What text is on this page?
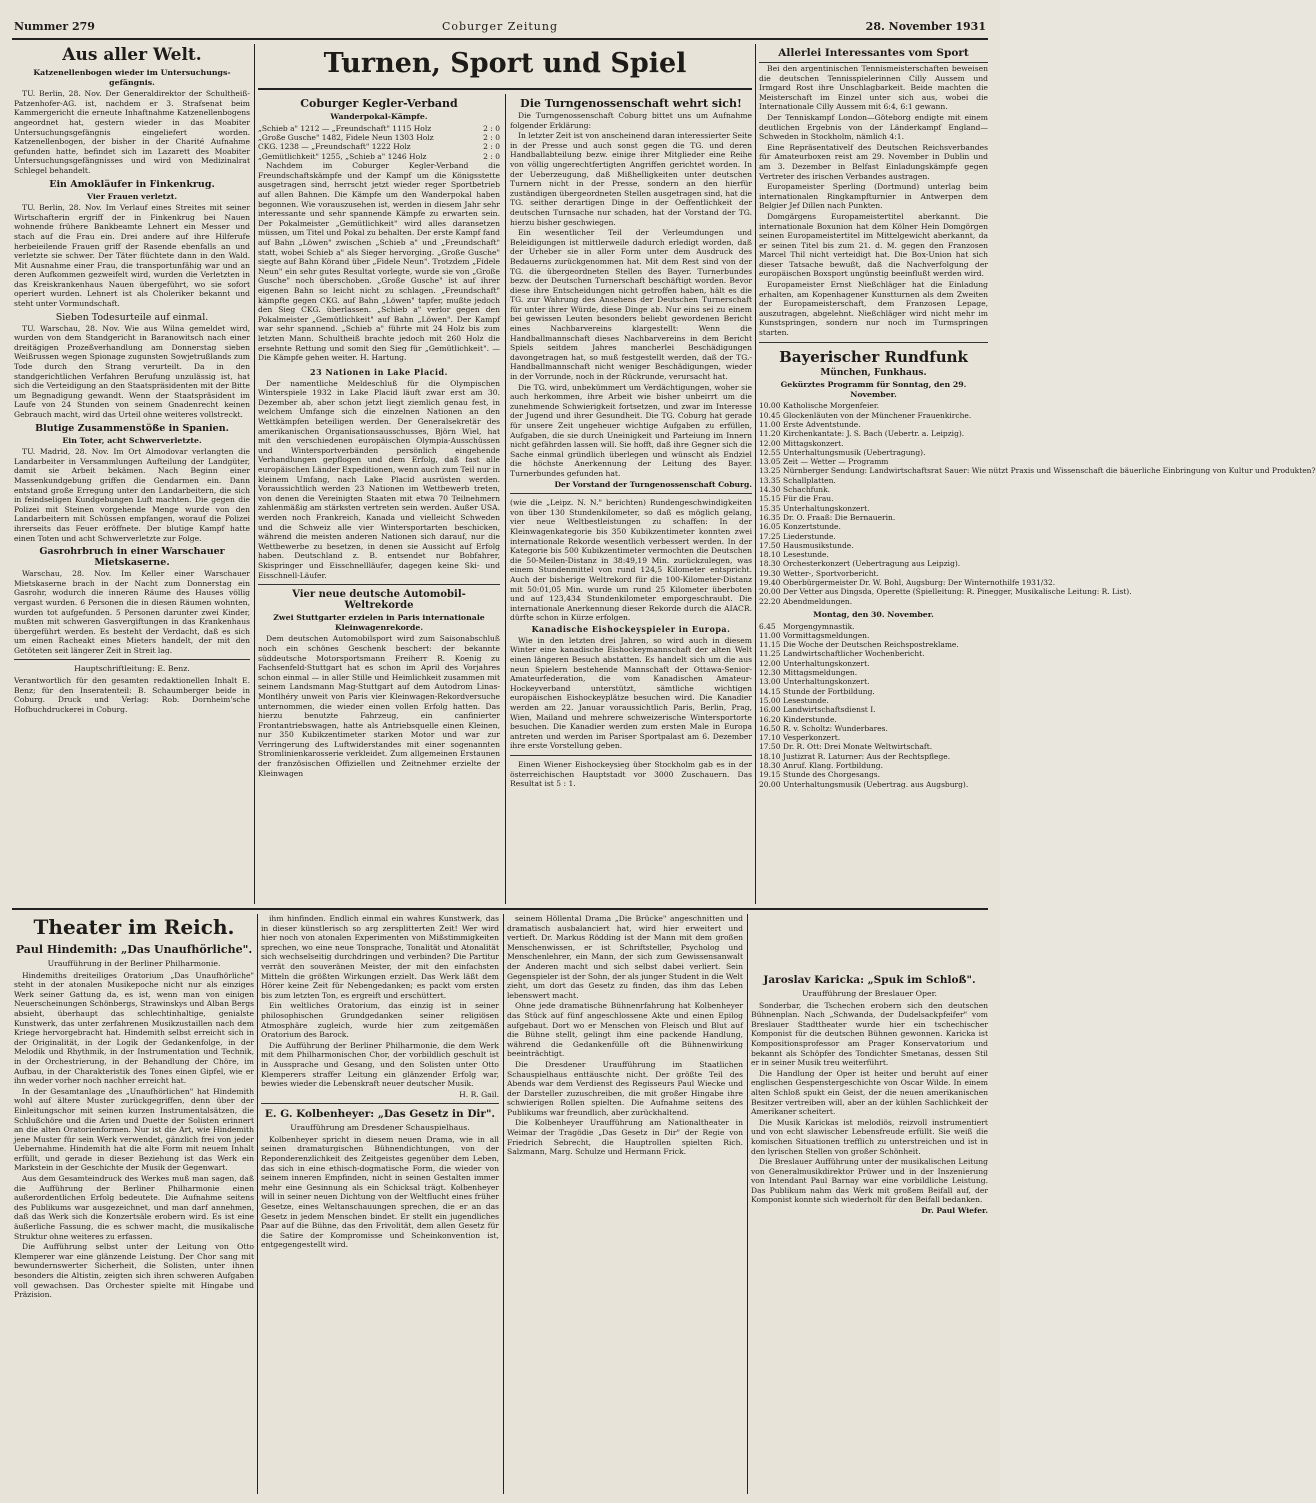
Nummer 279	Coburger Zeitung	28. November 1931
Aus aller Welt.
Katzenellenbogen wieder im Untersuchungs-gefängnis.

TU. Berlin, 28. Nov. Der Generaldirektor der Schultheiß-Patzenhofer-AG. ist, nachdem er 3. Strafsenat beim Kammergericht die erneute Inhaftnahme Katzenellenbogens angeordnet hat, gestern wieder in das Moabiter Untersuchungsgefängnis eingeliefert worden. Katzenellenbogen, der bisher in der Charité Aufnahme gefunden hatte, befindet sich im Lazarett des Moabiter Untersuchungsgefängnisses und wird von Medizinalrat Schlegel behandelt.

Ein Amokläufer in Finkenkrug.
Vier Frauen verletzt.

TU. Berlin, 28. Nov. Im Verlauf eines Streites mit seiner Wirtschafterin ergriff der in Finkenkrug bei Nauen wohnende frühere Bankbeamte Lehnert ein Messer und stach auf die Frau ein. Drei andere auf ihre Hilferufe herbeieilende Frauen griff der Rasende ebenfalls an und verletzte sie schwer. Der Täter flüchtete dann in den Wald. Mit Ausnahme einer Frau, die transportunfähig war und an deren Aufkommen gezweifelt wird, wurden die Verletzten in das Kreiskrankenhaus Nauen übergeführt, wo sie sofort operiert wurden. Lehnert ist als Choleriker bekannt und steht unter Vormundschaft.

Sieben Todesurteile auf einmal.

TU. Warschau, 28. Nov. Wie aus Wilna gemeldet wird, wurden von dem Standgericht in Baranowitsch nach einer dreitägigen Prozeßverhandlung am Donnerstag sieben Weißrussen wegen Spionage zugunsten Sowjetrußlands zum Tode durch den Strang verurteilt. Da in den standgerichtlichen Verfahren Berufung unzulässig ist, hat sich die Verteidigung an den Staatspräsidenten mit der Bitte um Begnadigung gewandt. Wenn der Staatspräsident im Laufe von 24 Stunden von seinem Gnadenrecht keinen Gebrauch macht, wird das Urteil ohne weiteres vollstreckt.

Blutige Zusammenstöße in Spanien.
Ein Toter, acht Schwerverletzte.

TU. Madrid, 28. Nov. Im Ort Almodovar verlangten die Landarbeiter in Versammlungen Aufteilung der Landgüter, damit sie Arbeit bekämen. Nach Beginn einer Massenkundgebung griffen die Gendarmen ein. Dann entstand große Erregung unter den Landarbeitern, die sich in feindseligen Kundgebungen Luft machten. Die gegen die Polizei mit Steinen vorgehende Menge wurde von den Landarbeitern mit Schüssen empfangen, worauf die Polizei ihrerseits das Feuer eröffnete. Der blutige Kampf hatte einen Toten und acht Schwerverletzte zur Folge.

Gasrohrbruch in einer Warschauer Mietskaserne.

Warschau, 28. Nov. Im Keller einer Warschauer Mietskaserne brach in der Nacht zum Donnerstag ein Gasrohr, wodurch die inneren Räume des Hauses völlig vergast wurden. 6 Personen die in diesen Räumen wohnten, wurden tot aufgefunden. 5 Personen darunter zwei Kinder, mußten mit schweren Gasvergiftungen in das Krankenhaus übergeführt werden. Es besteht der Verdacht, daß es sich um einen Racheakt eines Mieters handelt, der mit den Getöteten seit längerer Zeit in Streit lag.

Hauptschriftleitung: E. Benz.

Verantwortlich für den gesamten redaktionellen Inhalt E. Benz; für den Inseratenteil: B. Schaumberger beide in Coburg. Druck und Verlag: Rob. Dornheim'sche Hofbuchdruckerei in Coburg.

Turnen, Sport und Spiel
Coburger Kegler-Verband
Wanderpokal-Kämpfe.
„Schieb a" 1212 — „Freundschaft" 1115 Holz	2 : 0
„Große Gusche" 1482, Fidele Neun 1303 Holz	2 : 0
CKG. 1238 — „Freundschaft" 1222 Holz	2 : 0
„Gemütlichkeit" 1255, „Schieb a" 1246 Holz	2 : 0

Nachdem im Coburger Kegler-Verband die Freundschaftskämpfe und der Kampf um die Königsstette ausgetragen sind, herrscht jetzt wieder reger Sportbetrieb auf allen Bahnen. Die Kämpfe um den Wanderpokal haben begonnen. Wie vorauszusehen ist, werden in diesem Jahr sehr interessante und sehr spannende Kämpfe zu erwarten sein. Der Pokalmeister „Gemütlichkeit" wird alles daransetzen müssen, um Titel und Pokal zu behalten. Der erste Kampf fand auf Bahn „Löwen" zwischen „Schieb a" und „Freundschaft" statt, wobei Schieb a" als Sieger hervorging. „Große Gusche" siegte auf Bahn Körand über „Fidele Neun". Trotzdem „Fidele Neun" ein sehr gutes Resultat vorlegte, wurde sie von „Große Gusche" noch überschoben. „Große Gusche" ist auf ihrer eigenen Bahn so leicht nicht zu schlagen. „Freundschaft" kämpfte gegen CKG. auf Bahn „Löwen" tapfer, mußte jedoch den Sieg CKG. überlassen. „Schieb a" verlor gegen den Pokalmeister „Gemütlichkeit" auf Bahn „Löwen". Der Kampf war sehr spannend. „Schieb a" führte mit 24 Holz bis zum letzten Mann. Schultheiß brachte jedoch mit 260 Holz die ersehnte Rettung und somit den Sieg für „Gemütlichkeit". — Die Kämpfe gehen weiter. H. Hartung.

23 Nationen in Lake Placid.

Der namentliche Meldeschluß für die Olympischen Winterspiele 1932 in Lake Placid läuft zwar erst am 30. Dezember ab, aber schon jetzt liegt ziemlich genau fest, in welchem Umfange sich die einzelnen Nationen an den Wettkämpfen beteiligen werden. Der Generalsekretär des amerikanischen Organisationsausschusses, Björn Wiel, hat mit den verschiedenen europäischen Olympia-Ausschüssen und Wintersportverbänden persönlich eingehende Verhandlungen gepflogen und dem Erfolg, daß fast alle europäischen Länder Expeditionen, wenn auch zum Teil nur in kleinem Umfang, nach Lake Placid ausrüsten werden. Voraussichtlich werden 23 Nationen im Wettbewerb treten, von denen die Vereinigten Staaten mit etwa 70 Teilnehmern zahlenmäßig am stärksten vertreten sein werden. Außer USA. werden noch Frankreich, Kanada und vielleicht Schweden und die Schweiz alle vier Wintersportarten beschicken, während die meisten anderen Nationen sich darauf, nur die Wettbewerbe zu besetzen, in denen sie Aussicht auf Erfolg haben. Deutschland z. B. entsendet nur Bobfahrer, Skispringer und Eisschnellläufer, dagegen keine Ski- und Eisschnell-Läufer.

Vier neue deutsche Automobil-Weltrekorde
Zwei Stuttgarter erzielen in Paris internationale Kleinwagenrekorde.

Dem deutschen Automobilsport wird zum Saisonabschluß noch ein schönes Geschenk beschert: der bekannte süddeutsche Motorsportsmann Freiherr R. Koenig zu Fachsenfeld-Stuttgart hat es schon im April des Vorjahres schon einmal — in aller Stille und Heimlichkeit zusammen mit seinem Landsmann Mag-Stuttgart auf dem Autodrom Linas-Montlhéry unweit von Paris vier Kleinwagen-Rekordversuche unternommen, die wieder einen vollen Erfolg hatten. Das hierzu benutzte Fahrzeug, ein canfinierter Frontantriebswagen, hatte als Antriebsquelle einen Kleinen, nur 350 Kubikzentimeter starken Motor und war zur Verringerung des Luftwiderstandes mit einer sogenannten Stromlinienkarosserie verkleidet. Zum allgemeinen Erstaunen der französischen Offiziellen und Zeitnehmer erzielte der Kleinwagen

Die Turngenossenschaft wehrt sich!

Die Turngenossenschaft Coburg bittet uns um Aufnahme folgender Erklärung:

In letzter Zeit ist von anscheinend daran interessierter Seite in der Presse und auch sonst gegen die TG. und deren Handballabteilung bezw. einige ihrer Mitglieder eine Reihe von völlig ungerechtfertigten Angriffen gerichtet worden. In der Ueberzeugung, daß Mißhelligkeiten unter deutschen Turnern nicht in der Presse, sondern an den hierfür zuständigen übergeordneten Stellen ausgetragen sind, hat die TG. seither derartigen Dinge in der Oeffentlichkeit der deutschen Turnsache nur schaden, hat der Vorstand der TG. hierzu bisher geschwiegen.

Ein wesentlicher Teil der Verleumdungen und Beleidigungen ist mittlerweile dadurch erledigt worden, daß der Urheber sie in aller Form unter dem Ausdruck des Bedauerns zurückgenommen hat. Mit dem Rest sind von der TG. die übergeordneten Stellen des Bayer. Turnerbundes bezw. der Deutschen Turnerschaft beschäftigt worden. Bevor diese ihre Entscheidungen nicht getroffen haben, hält es die TG. zur Wahrung des Ansehens der Deutschen Turnerschaft für unter ihrer Würde, diese Dinge ab. Nur eins sei zu einem bei gewissen Leuten besonders beliebt gewordenen Bericht eines Nachbarvereins klargestellt: Wenn die Handballmannschaft dieses Nachbarvereins in dem Bericht Spiels seitdem Jahres mancherlei Beschädigungen davongetragen hat, so muß festgestellt werden, daß der TG.-Handballmannschaft nicht weniger Beschädigungen, wieder in der Vorrunde, noch in der Rückrunde, verursacht hat.

Die TG. wird, unbekümmert um Verdächtigungen, woher sie auch herkommen, ihre Arbeit wie bisher unbeirrt um die zunehmende Schwierigkeit fortsetzen, und zwar im Interesse der Jugend und ihrer Gesundheit. Die TG. Coburg hat gerade für unsere Zeit ungeheuer wichtige Aufgaben zu erfüllen, Aufgaben, die sie durch Uneinigkeit und Parteiung im Innern nicht gefährden lassen will. Sie hofft, daß ihre Gegner sich die Sache einmal gründlich überlegen und wünscht als Endziel die höchste Anerkennung der Leitung des Bayer. Turnerbundes gefunden hat.

Der Vorstand der Turngenossenschaft Coburg.

(wie die „Leipz. N. N." berichten) Rundengeschwindigkeiten von über 130 Stundenkilometer, so daß es möglich gelang, vier neue Weltbestleistungen zu schaffen: In der Kleinwagenkategorie bis 350 Kubikzentimeter konnten zwei internationale Rekorde wesentlich verbessert werden. In der Kategorie bis 500 Kubikzentimeter vermochten die Deutschen die 50-Meilen-Distanz in 38:49,19 Min. zurückzulegen, was einem Stundenmittel von rund 124,5 Kilometer entspricht. Auch der bisherige Weltrekord für die 100-Kilometer-Distanz mit 50:01,05 Min. wurde um rund 25 Kilometer überboten und auf 123,434 Stundenkilometer emporgeschraubt. Die internationale Anerkennung dieser Rekorde durch die AIACR. dürfte schon in Kürze erfolgen.

Kanadische Eishockeyspieler in Europa.

Wie in den letzten drei Jahren, so wird auch in diesem Winter eine kanadische Eishockeymannschaft der alten Welt einen längeren Besuch abstatten. Es handelt sich um die aus neun Spielern bestehende Mannschaft der Ottawa-Senior-Amateurfederation, die vom Kanadischen Amateur-Hockeyverband unterstützt, sämtliche wichtigen europäischen Eishockeyplätze besuchen wird. Die Kanadier werden am 22. Januar voraussichtlich Paris, Berlin, Prag, Wien, Mailand und mehrere schweizerische Wintersportorte besuchen. Die Kanadier werden zum ersten Male in Europa antreten und werden im Pariser Sportpalast am 6. Dezember ihre erste Vorstellung geben.

Einen Wiener Eishockeysieg über Stockholm gab es in der österreichischen Hauptstadt vor 3000 Zuschauern. Das Resultat ist 5 : 1.

Allerlei Interessantes vom Sport

Bei den argentinischen Tennismeisterschaften beweisen die deutschen Tennisspielerinnen Cilly Aussem und Irmgard Rost ihre Unschlagbarkeit. Beide machten die Meisterschaft im Einzel unter sich aus, wobei die Internationale Cilly Aussem mit 6:4, 6:1 gewann.

Der Tenniskampf London—Göteborg endigte mit einem deutlichen Ergebnis von der Länderkampf England—Schweden in Stockholm, nämlich 4:1.

Eine Repräsentativelf des Deutschen Reichsverbandes für Amateurboxen reist am 29. November in Dublin und am 3. Dezember in Belfast Einladungskämpfe gegen Vertreter des irischen Verbandes austragen.

Europameister Sperling (Dortmund) unterlag beim internationalen Ringkampfturnier in Antwerpen dem Belgier Jef Dillen nach Punkten.

Domgärgens Europameistertitel aberkannt. Die internationale Boxunion hat dem Kölner Hein Domgörgen seinen Europameistertitel im Mittelgewicht aberkannt, da er seinen Titel bis zum 21. d. M. gegen den Franzosen Marcel Thil nicht verteidigt hat. Die Box-Union hat sich dieser Tatsache bewußt, daß die Nachverfolgung der europäischen Boxsport ungünstig beeinflußt werden wird.

Europameister Ernst Nießchläger hat die Einladung erhalten, am Kopenhagener Kunstturnen als dem Zweiten der Europameisterschaft, dem Franzosen Lepage, auszutragen, abgelehnt. Nießchläger wird nicht mehr im Kunstspringen, sondern nur noch im Turmspringen starten.

Bayerischer Rundfunk
München, Funkhaus.
Gekürztes Programm für Sonntag, den 29. November.
10.00 Katholische Morgenfeier.
10.45 Glockenläuten von der Münchener Frauenkirche.
11.00 Erste Adventstunde.
11.20 Kirchenkantate: J. S. Bach (Uebertr. a. Leipzig).
12.00 Mittagskonzert.
12.55 Unterhaltungsmusik (Uebertragung).
13.05 Zeit — Wetter — Programm
13.25 Nürnberger Sendung: Landwirtschaftsrat Sauer: Wie nützt Praxis und Wissenschaft die bäuerliche Einbringung von Kultur und Produkten?
13.35 Schallplatten.
14.30 Schachfunk.
15.15 Für die Frau.
15.35 Unterhaltungskonzert.
16.35 Dr. O. Fraaß: Die Bernauerin.
16.05 Konzertstunde.
17.25 Liederstunde.
17.50 Hausmusikstunde.
18.10 Lesestunde.
18.30 Orchesterkonzert (Uebertragung aus Leipzig).
19.30 Wetter-, Sportvorbericht.
19.40 Oberbürgermeister Dr. W. Bohl, Augsburg: Der Winternothilfe 1931/32.
20.00 Der Vetter aus Dingsda, Operette (Spielleitung: R. Pinegger, Musikalische Leitung: R. List).
22.20 Abendmeldungen.
Montag, den 30. November.
6.45 Morgengymnastik.
11.00 Vormittagsmeldungen.
11.15 Die Woche der Deutschen Reichspostreklame.
11.25 Landwirtschaftlicher Wochenbericht.
12.00 Unterhaltungskonzert.
12.30 Mittagsmeldungen.
13.00 Unterhaltungskonzert.
14.15 Stunde der Fortbildung.
15.00 Lesestunde.
16.00 Landwirtschaftsdienst I.
16.20 Kinderstunde.
16.50 R. v. Scholtz: Wunderbares.
17.10 Vesperkonzert.
17.50 Dr. R. Ott: Drei Monate Weltwirtschaft.
18.10 Justizrat R. Laturner: Aus der Rechtspflege.
18.30 Anruf. Klang. Fortbildung.
19.15 Stunde des Chorgesangs.
20.00 Unterhaltungsmusik (Uebertrag. aus Augsburg).
Theater im Reich.
Paul Hindemith: „Das Unaufhörliche".
Uraufführung in der Berliner Philharmonie.

Hindemiths dreiteiliges Oratorium „Das Unaufhörliche" steht in der atonalen Musikepoche nicht nur als einziges Werk seiner Gattung da, es ist, wenn man von einigen Neuerscheinungen Schönbergs, Strawinskys und Alban Bergs absieht, überhaupt das schlechtinhaltige, genialste Kunstwerk, das unter zerfahrenen Musikzustaillen nach dem Kriege hervorgebracht hat. Hindemith selbst erreicht sich in der Originalität, in der Logik der Gedankenfolge, in der Melodik und Rhythmik, in der Instrumentation und Technik, in der Orchestrierung, in der Behandlung der Chöre, im Aufbau, in der Charakteristik des Tones einen Gipfel, wie er ihn weder vorher noch nachher erreicht hat.

In der Gesamtanlage des „Unaufhörlichen" hat Hindemith wohl auf ältere Muster zurückgegriffen, denn über der Einleitungschor mit seinen kurzen Instrumentalsätzen, die Schlußchöre und die Arien und Duette der Solisten erinnert an die alten Oratorienformen. Nur ist die Art, wie Hindemith jene Muster für sein Werk verwendet, gänzlich frei von jeder Uebernahme. Hindemith hat die alte Form mit neuem Inhalt erfüllt, und gerade in dieser Beziehung ist das Werk ein Markstein in der Geschichte der Musik der Gegenwart.

Aus dem Gesamteindruck des Werkes muß man sagen, daß die Aufführung der Berliner Philharmonie einen außerordentlichen Erfolg bedeutete. Die Aufnahme seitens des Publikums war ausgezeichnet, und man darf annehmen, daß das Werk sich die Konzertsäle erobern wird. Es ist eine äußerliche Fassung, die es schwer macht, die musikalische Struktur ohne weiteres zu erfassen.

Die Aufführung selbst unter der Leitung von Otto Klemperer war eine glänzende Leistung. Der Chor sang mit bewundernswerter Sicherheit, die Solisten, unter ihnen besonders die Altistin, zeigten sich ihren schweren Aufgaben voll gewachsen. Das Orchester spielte mit Hingabe und Präzision.

ihm hinfinden. Endlich einmal ein wahres Kunstwerk, das in dieser künstlerisch so arg zersplitterten Zeit! Wer wird hier noch von atonalen Experimenten von Mißstimmigkeiten sprechen, wo eine neue Tonsprache, Tonalität und Atonalität sich wechselseitig durchdringen und verbinden? Die Partitur verrät den souveränen Meister, der mit den einfachsten Mitteln die größten Wirkungen erzielt. Das Werk läßt dem Hörer keine Zeit für Nebengedanken; es packt vom ersten bis zum letzten Ton, es ergreift und erschüttert.

Ein weltliches Oratorium, das einzig ist in seiner philosophischen Grundgedanken seiner religiösen Atmosphäre zugleich, wurde hier zum zeitgemäßen Oratorium des Barock.

Die Aufführung der Berliner Philharmonie, die dem Werk mit dem Philharmonischen Chor, der vorbildlich geschult ist in Aussprache und Gesang, und den Solisten unter Otto Klemperers straffer Leitung ein glänzender Erfolg war, bewies wieder die Lebenskraft neuer deutscher Musik.

H. R. Gail.
E. G. Kolbenheyer: „Das Gesetz in Dir".
Uraufführung am Dresdener Schauspielhaus.

Kolbenheyer spricht in diesem neuen Drama, wie in all seinen dramaturgischen Bühnendichtungen, von der Reponderenzlichkeit des Zeitgeistes gegenüber dem Leben, das sich in eine ethisch-dogmatische Form, die wieder von seinem inneren Empfinden, nicht in seinen Gestalten immer mehr eine Gesinnung als ein Schicksal trägt. Kolbenheyer will in seiner neuen Dichtung von der Weltflucht eines früher Gesetze, eines Weltanschauungen sprechen, die er an das Gesetz in jedem Menschen bindet. Er stellt ein jugendliches Paar auf die Bühne, das den Frivolität, dem allen Gesetz für die Satire der Kompromisse und Scheinkonvention ist, entgegengestellt wird.

seinem Höllental Drama „Die Brücke" angeschnitten und dramatisch ausbalanciert hat, wird hier erweitert und vertieft. Dr. Markus Rödding ist der Mann mit dem großen Menschenwissen, er ist Schriftsteller, Psycholog und Menschenlehrer, ein Mann, der sich zum Gewissensanwalt der Anderen macht und sich selbst dabei verliert. Sein Gegenspieler ist der Sohn, der als junger Student in die Welt zieht, um dort das Gesetz zu finden, das ihm das Leben lebenswert macht.

Ohne jede dramatische Bühnenrfahrung hat Kolbenheyer das Stück auf fünf angeschlossene Akte und einen Epilog aufgebaut. Dort wo er Menschen von Fleisch und Blut auf die Bühne stellt, gelingt ihm eine packende Handlung, während die Gedankenfülle oft die Bühnenwirkung beeinträchtigt.

Die Dresdener Uraufführung im Staatlichen Schauspielhaus enttäuschte nicht. Der größte Teil des Abends war dem Verdienst des Regisseurs Paul Wiecke und der Darsteller zuzuschreiben, die mit großer Hingabe ihre schwierigen Rollen spielten. Die Aufnahme seitens des Publikums war freundlich, aber zurückhaltend.

Die Kolbenheyer Uraufführung am Nationaltheater in Weimar der Tragödie „Das Gesetz in Dir" der Regie von Friedrich Sebrecht, die Hauptrollen spielten Rich. Salzmann, Marg. Schulze und Hermann Frick.

Jaroslav Karicka: „Spuk im Schloß".
Uraufführung der Breslauer Oper.

Sonderbar, die Tschechen erobern sich den deutschen Bühnenplan. Nach „Schwanda, der Dudelsackpfeifer" vom Breslauer Stadttheater wurde hier ein tschechischer Komponist für die deutschen Bühnen gewonnen. Karicka ist Kompositionsprofessor am Prager Konservatorium und bekannt als Schöpfer des Tondichter Smetanas, dessen Stil er in seiner Musik treu weiterführt.

Die Handlung der Oper ist heiter und beruht auf einer englischen Gespenstergeschichte von Oscar Wilde. In einem alten Schloß spukt ein Geist, der die neuen amerikanischen Besitzer vertreiben will, aber an der kühlen Sachlichkeit der Amerikaner scheitert.

Die Musik Karickas ist melodiös, reizvoll instrumentiert und von echt slawischer Lebensfreude erfüllt. Sie weiß die komischen Situationen trefflich zu unterstreichen und ist in den lyrischen Stellen von großer Schönheit.

Die Breslauer Aufführung unter der musikalischen Leitung von Generalmusikdirektor Prüwer und in der Inszenierung von Intendant Paul Barnay war eine vorbildliche Leistung. Das Publikum nahm das Werk mit großem Beifall auf, der Komponist konnte sich wiederholt für den Beifall bedanken.

Dr. Paul Wiefer.
